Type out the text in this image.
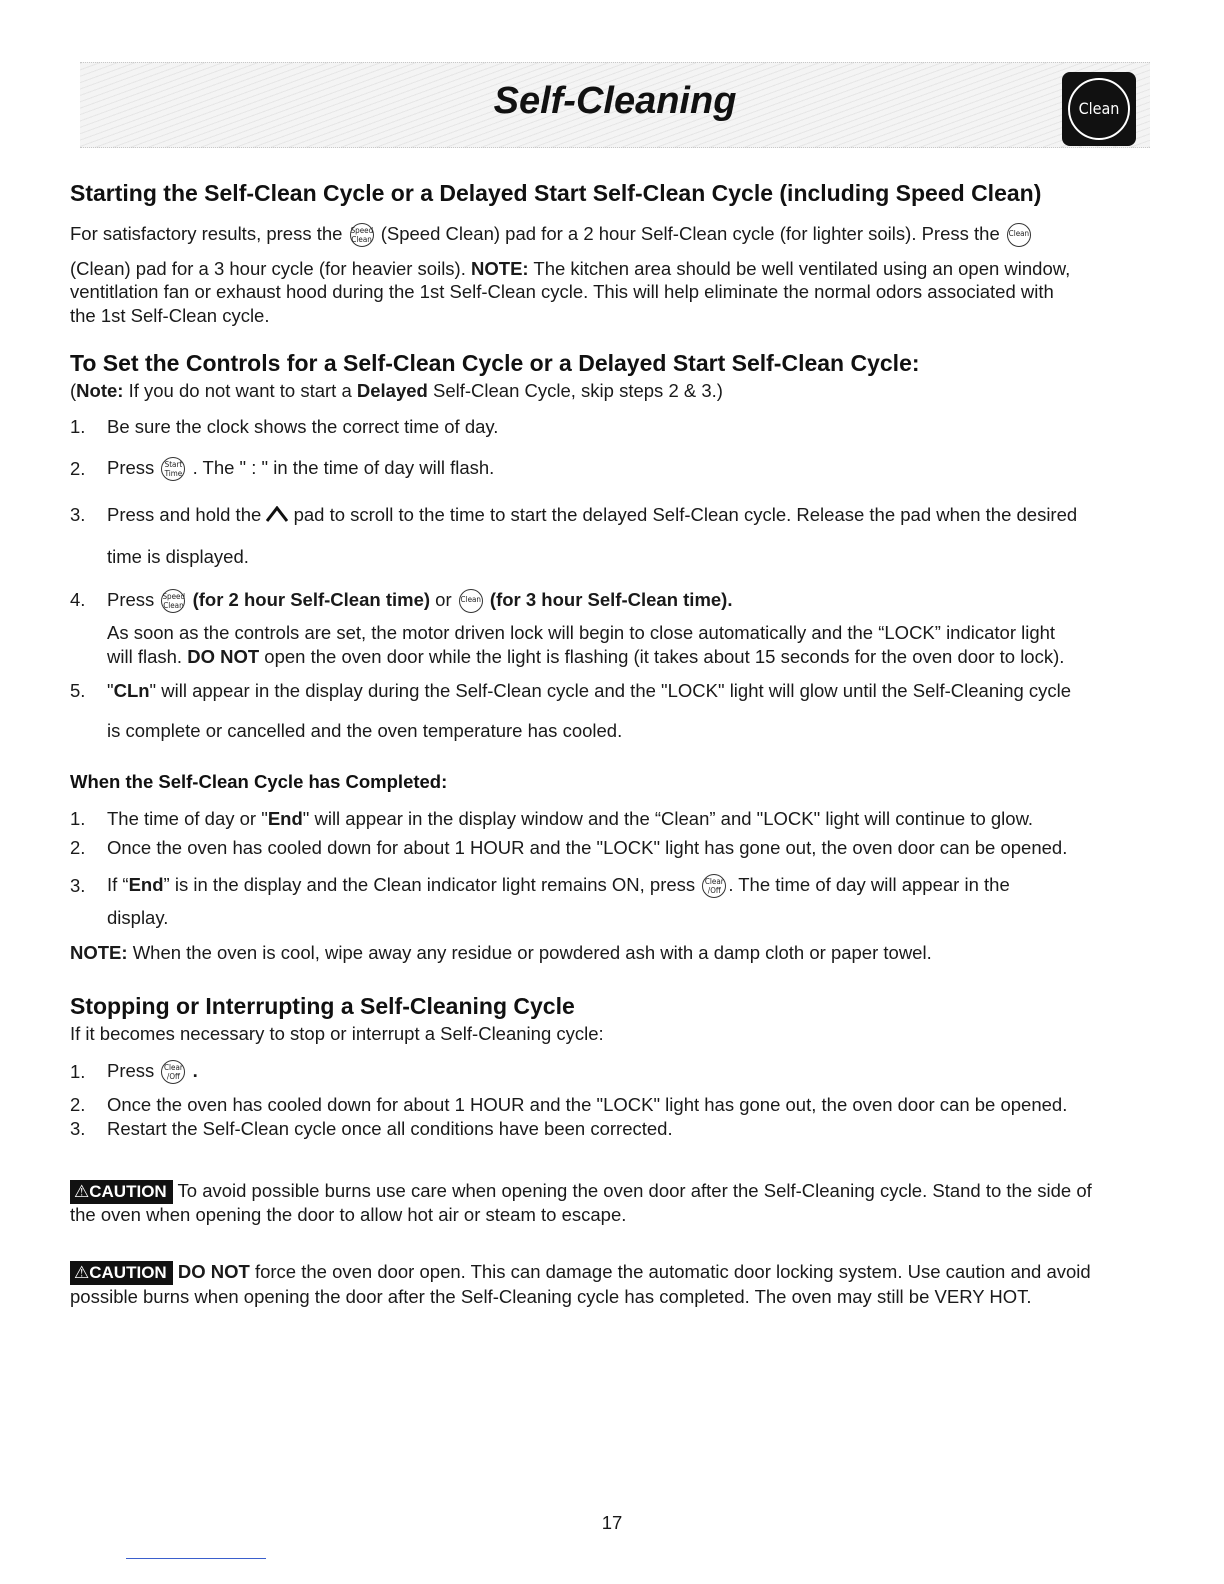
Self-Cleaning	Clean
Starting the Self-Clean Cycle or a Delayed Start Self-Clean Cycle (including Speed Clean)
For satisfactory results, press the Speed
Clean (Speed Clean) pad for a 2 hour Self-Clean cycle (for lighter soils). Press the Clean
(Clean) pad for a 3 hour cycle (for heavier soils). NOTE: The kitchen area should be well ventilated using an open window,
ventitlation fan or exhaust hood during the 1st Self-Clean cycle. This will help eliminate the normal odors associated with
the 1st Self-Clean cycle.
To Set the Controls for a Self-Clean Cycle or a Delayed Start Self-Clean Cycle:
(Note: If you do not want to start a Delayed Self-Clean Cycle, skip steps 2 & 3.)
1. Be sure the clock shows the correct time of day.
2. Press Start
Time . The " : " in the time of day will flash.
3. Press and hold the pad to scroll to the time to start the delayed Self-Clean cycle. Release the pad when the desired
time is displayed.
4. Press Speed
Clean (for 2 hour Self-Clean time) or Clean (for 3 hour Self-Clean time).
As soon as the controls are set, the motor driven lock will begin to close automatically and the “LOCK” indicator light
will flash. DO NOT open the oven door while the light is flashing (it takes about 15 seconds for the oven door to lock).
5. "CLn" will appear in the display during the Self-Clean cycle and the "LOCK" light will glow until the Self-Cleaning cycle
is complete or cancelled and the oven temperature has cooled.
When the Self-Clean Cycle has Completed:
1. The time of day or "End" will appear in the display window and the “Clean” and "LOCK" light will continue to glow.
2. Once the oven has cooled down for about 1 HOUR and the "LOCK" light has gone out, the oven door can be opened.
3. If “End” is in the display and the Clean indicator light remains ON, press Clear
/Off . The time of day will appear in the
display.
NOTE: When the oven is cool, wipe away any residue or powdered ash with a damp cloth or paper towel.
Stopping or Interrupting a Self-Cleaning Cycle
If it becomes necessary to stop or interrupt a Self-Cleaning cycle:
1. Press Clear
/Off .
2. Once the oven has cooled down for about 1 HOUR and the "LOCK" light has gone out, the oven door can be opened.
3. Restart the Self-Clean cycle once all conditions have been corrected.
⚠CAUTION To avoid possible burns use care when opening the oven door after the Self-Cleaning cycle. Stand to the side of
the oven when opening the door to allow hot air or steam to escape.
⚠CAUTION DO NOT force the oven door open. This can damage the automatic door locking system. Use caution and avoid
possible burns when opening the door after the Self-Cleaning cycle has completed. The oven may still be VERY HOT.
17
